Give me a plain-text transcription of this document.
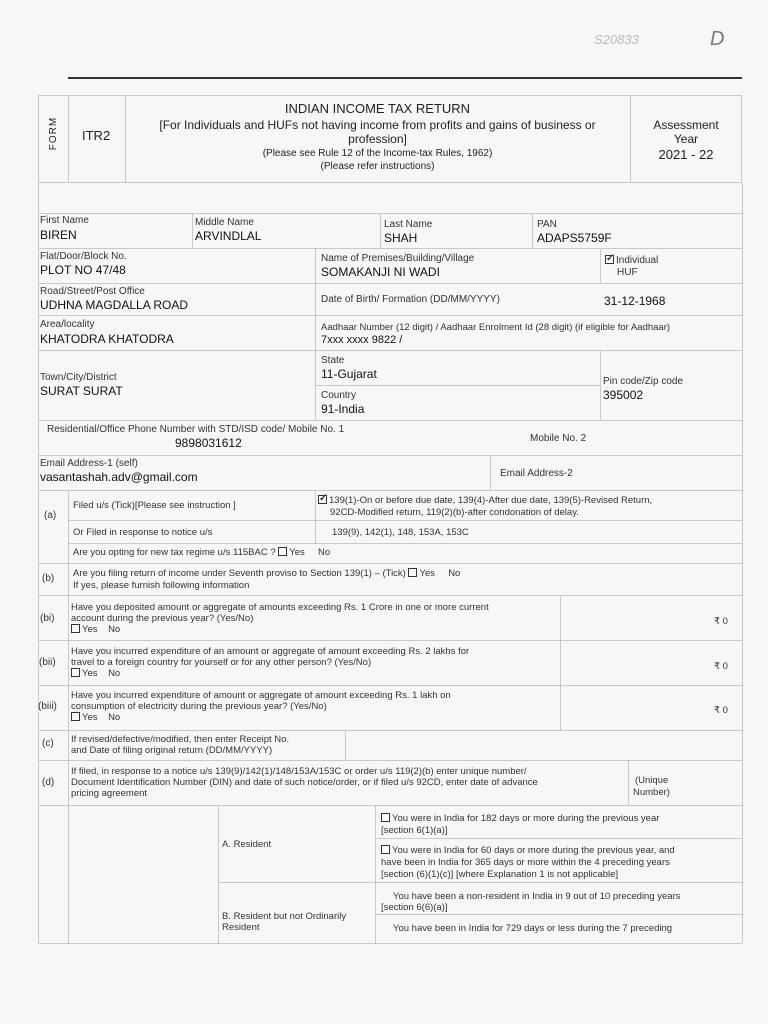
S20833	D
FORM ITR2
INDIAN INCOME TAX RETURN
[For Individuals and HUFs not having income from profits and gains of business or
profession]
(Please see Rule 12 of the Income-tax Rules, 1962)
(Please refer instructions)
Assessment
Year
2021 - 22
First Name
BIREN
Middle Name
ARVINDLAL
Last Name
SHAH
PAN
ADAPS5759F
Flat/Door/Block No.
PLOT NO 47/48
Name of Premises/Building/Village
SOMAKANJI NI WADI
✓Individual
HUF
Road/Street/Post Office
UDHNA MAGDALLA ROAD	Date of Birth/ Formation (DD/MM/YYYY)	31-12-1968
Area/locality
KHATODRA KHATODRA
Aadhaar Number (12 digit) / Aadhaar Enrolment Id (28 digit) (if eligible for Aadhaar)
7xxx xxxx 9822 /
State
11-Gujarat
Town/City/District
SURAT SURAT
Pin code/Zip code
395002
Country
91-India
Residential/Office Phone Number with STD/ISD code/ Mobile No. 1
9898031612	Mobile No. 2
Email Address-1 (self)
vasantashah.adv@gmail.com	Email Address-2
(a)
Filed u/s (Tick)[Please see instruction ]
✓	139(1)-On or before due date, 139(4)-After due date, 139(5)-Revised Return,
92CD-Modified return, 119(2)(b)-after condonation of delay.
Or Filed in response to notice u/s	139(9), 142(1), 148, 153A, 153C
Are you opting for new tax regime u/s 115BAC ? Yes No
(b) Are you filing return of income under Seventh proviso to Section 139(1) – (Tick) Yes No
If yes, please furnish following information
(bi)
Have you deposited amount or aggregate of amounts exceeding Rs. 1 Crore in one or more current
account during the previous year? (Yes/No)
Yes No
₹ 0
(bii)
Have you incurred expenditure of an amount or aggregate of amount exceeding Rs. 2 lakhs for
travel to a foreign country for yourself or for any other person? (Yes/No)
Yes No
₹ 0
(biii)
Have you incurred expenditure of amount or aggregate of amount exceeding Rs. 1 lakh on
consumption of electricity during the previous year? (Yes/No)
Yes No
₹ 0
(c) If revised/defective/modified, then enter Receipt No.
and Date of filing original return (DD/MM/YYYY)
(d)
If filed, in response to a notice u/s 139(9)/142(1)/148/153A/153C or order u/s 119(2)(b) enter unique number/
Document Identification Number (DIN) and date of such notice/order, or if filed u/s 92CD, enter date of advance
pricing agreement
(Unique
Number)
A. Resident
You were in India for 182 days or more during the previous year
[section 6(1)(a)]
You were in India for 60 days or more during the previous year, and
have been in India for 365 days or more within the 4 preceding years
[section (6)(1)(c)] [where Explanation 1 is not applicable]
B. Resident but not Ordinarily
Resident
You have been a non-resident in India in 9 out of 10 preceding years
[section 6(6)(a)]
You have been in India for 729 days or less during the 7 preceding
